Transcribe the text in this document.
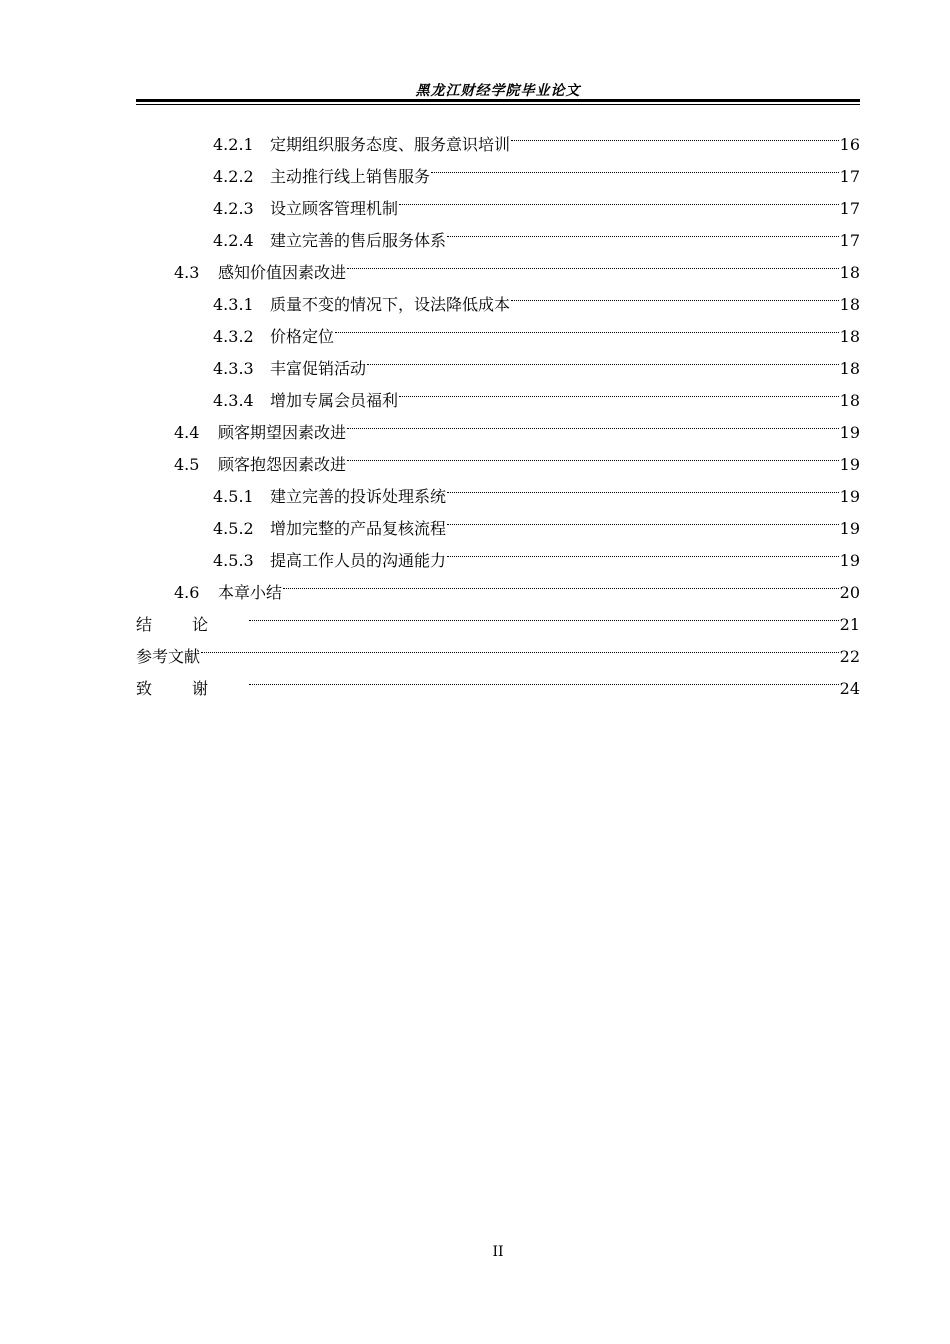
黑龙江财经学院毕业论文
4.2.1	定期组织服务态度、服务意识培训	16
4.2.2	主动推行线上销售服务	17
4.2.3	设立顾客管理机制	17
4.2.4	建立完善的售后服务体系	17
4.3	感知价值因素改进	18
4.3.1	质量不变的情况下，设法降低成本	18
4.3.2	价格定位	18
4.3.3	丰富促销活动	18
4.3.4	增加专属会员福利	18
4.4	顾客期望因素改进	19
4.5	顾客抱怨因素改进	19
4.5.1	建立完善的投诉处理系统	19
4.5.2	增加完整的产品复核流程	19
4.5.3	提高工作人员的沟通能力	19
4.6	本章小结	20
结论	21
参考文献	22
致谢	24
II
